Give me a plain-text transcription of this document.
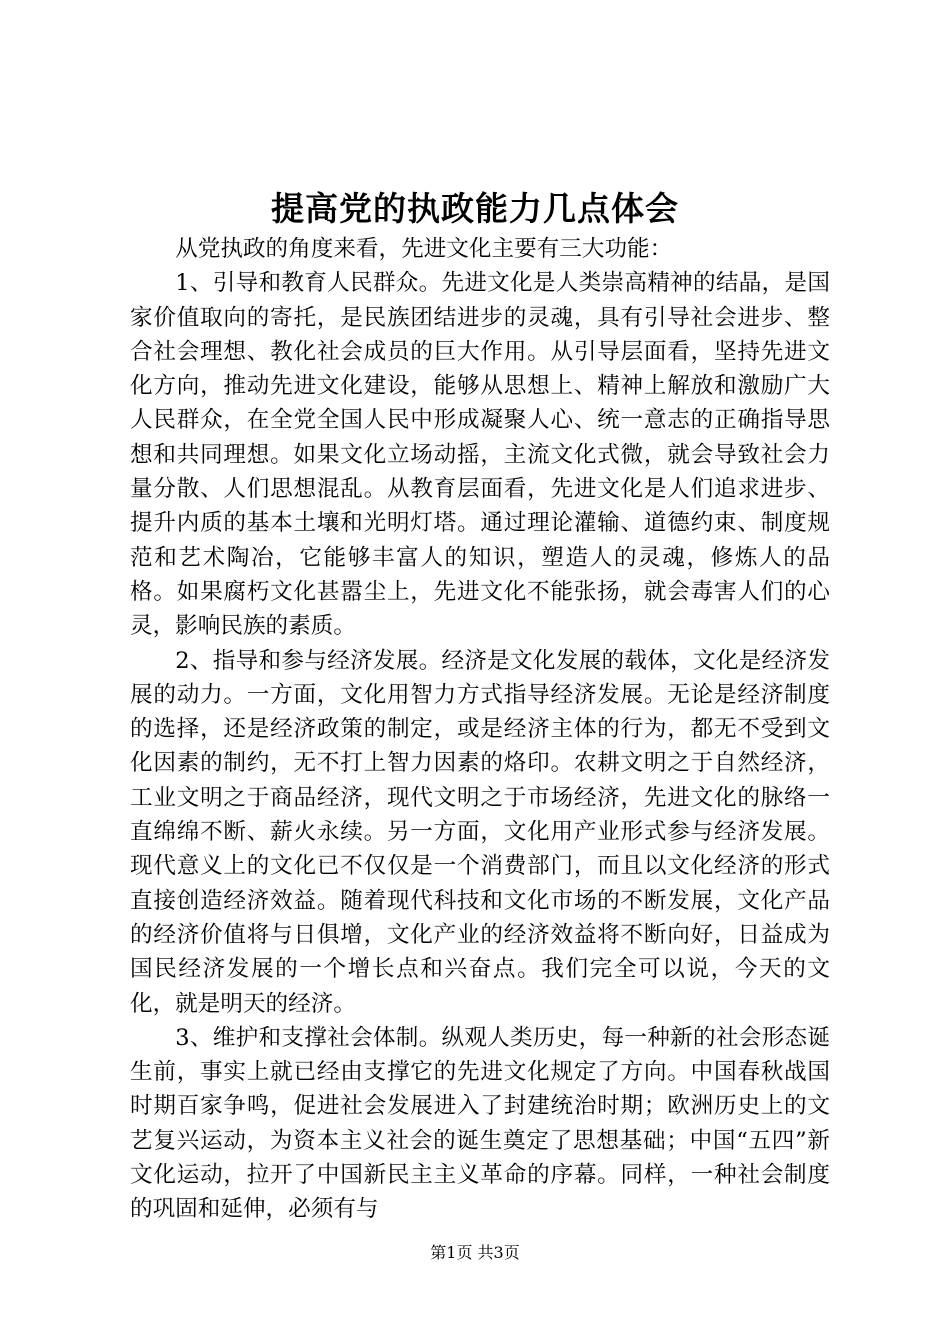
提高党的执政能力几点体会

从党执政的角度来看，先进文化主要有三大功能：

1、引导和教育人民群众。先进文化是人类崇高精神的结晶，是国家价值取向的寄托，是民族团结进步的灵魂，具有引导社会进步、整合社会理想、教化社会成员的巨大作用。从引导层面看，坚持先进文化方向，推动先进文化建设，能够从思想上、精神上解放和激励广大人民群众，在全党全国人民中形成凝聚人心、统一意志的正确指导思想和共同理想。如果文化立场动摇，主流文化式微，就会导致社会力量分散、人们思想混乱。从教育层面看，先进文化是人们追求进步、提升内质的基本土壤和光明灯塔。通过理论灌输、道德约束、制度规范和艺术陶冶，它能够丰富人的知识，塑造人的灵魂，修炼人的品格。如果腐朽文化甚嚣尘上，先进文化不能张扬，就会毒害人们的心灵，影响民族的素质。

2、指导和参与经济发展。经济是文化发展的载体，文化是经济发展的动力。一方面，文化用智力方式指导经济发展。无论是经济制度的选择，还是经济政策的制定，或是经济主体的行为，都无不受到文化因素的制约，无不打上智力因素的烙印。农耕文明之于自然经济，工业文明之于商品经济，现代文明之于市场经济，先进文化的脉络一直绵绵不断、薪火永续。另一方面，文化用产业形式参与经济发展。现代意义上的文化已不仅仅是一个消费部门，而且以文化经济的形式直接创造经济效益。随着现代科技和文化市场的不断发展，文化产品的经济价值将与日俱增，文化产业的经济效益将不断向好，日益成为国民经济发展的一个增长点和兴奋点。我们完全可以说，今天的文化，就是明天的经济。

3、维护和支撑社会体制。纵观人类历史，每一种新的社会形态诞生前，事实上就已经由支撑它的先进文化规定了方向。中国春秋战国时期百家争鸣，促进社会发展进入了封建统治时期；欧洲历史上的文艺复兴运动，为资本主义社会的诞生奠定了思想基础；中国“五四”新文化运动，拉开了中国新民主主义革命的序幕。同样，一种社会制度的巩固和延伸，必须有与

第1页 共3页
